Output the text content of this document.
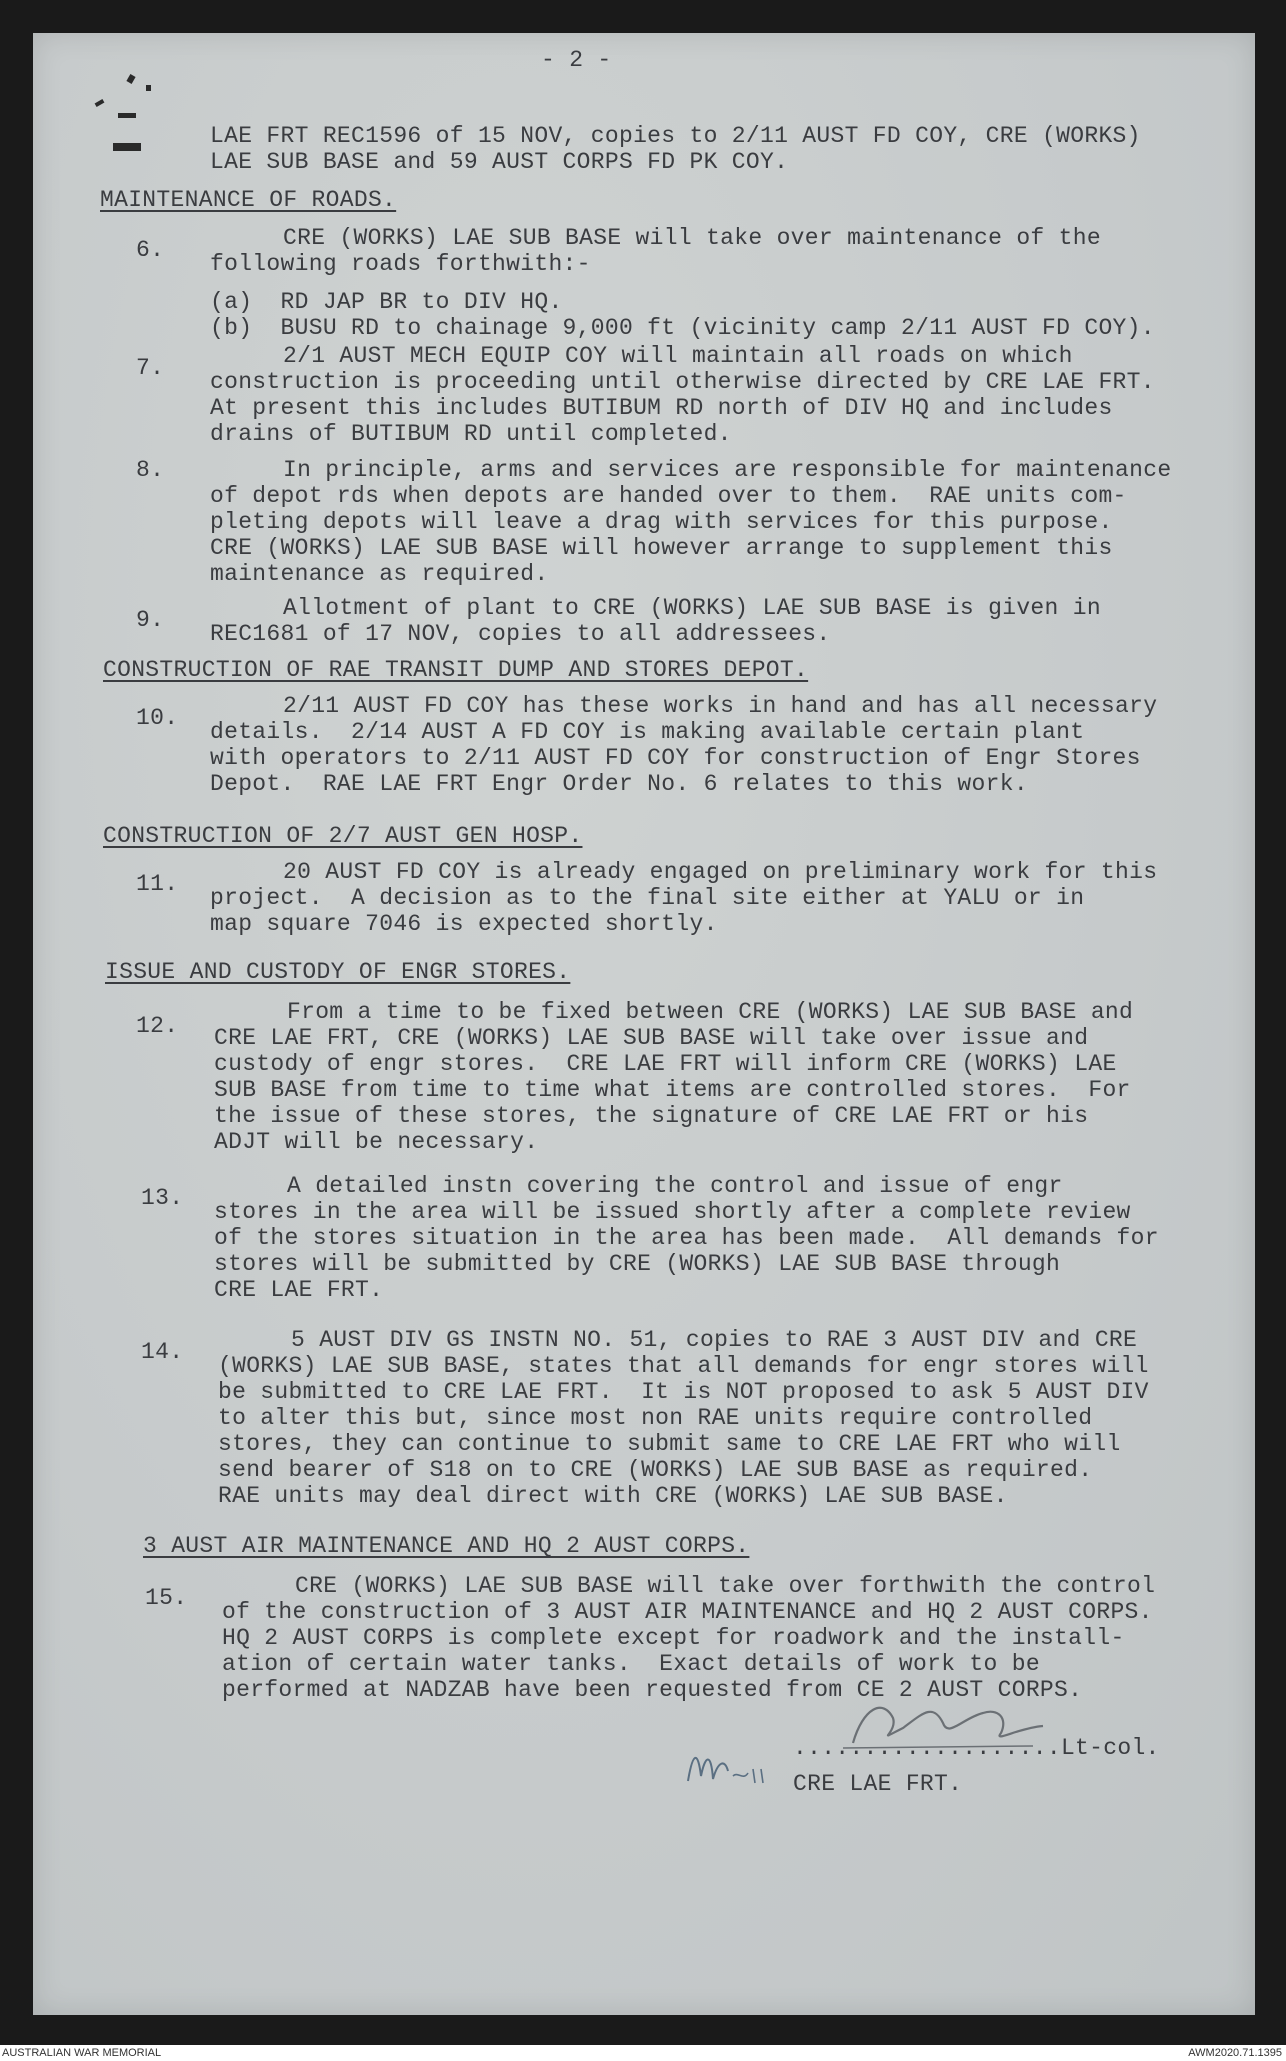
- 2 -

LAE FRT REC1596 of 15 NOV, copies to 2/11 AUST FD COY, CRE (WORKS)

LAE SUB BASE and 59 AUST CORPS FD PK COY.

MAINTENANCE OF ROADS.

6.	CRE (WORKS) LAE SUB BASE will take over maintenance of the

following roads forthwith:-

(a)  RD JAP BR to DIV HQ.

(b)  BUSU RD to chainage 9,000 ft (vicinity camp 2/11 AUST FD COY).

7.	2/1 AUST MECH EQUIP COY will maintain all roads on which

construction is proceeding until otherwise directed by CRE LAE FRT.

At present this includes BUTIBUM RD north of DIV HQ and includes

drains of BUTIBUM RD until completed.

8.	In principle, arms and services are responsible for maintenance

of depot rds when depots are handed over to them.  RAE units com-

pleting depots will leave a drag with services for this purpose.

CRE (WORKS) LAE SUB BASE will however arrange to supplement this

maintenance as required.

9.	Allotment of plant to CRE (WORKS) LAE SUB BASE is given in

REC1681 of 17 NOV, copies to all addressees.

CONSTRUCTION OF RAE TRANSIT DUMP AND STORES DEPOT.

10.	2/11 AUST FD COY has these works in hand and has all necessary

details.  2/14 AUST A FD COY is making available certain plant

with operators to 2/11 AUST FD COY for construction of Engr Stores

Depot.  RAE LAE FRT Engr Order No. 6 relates to this work.

CONSTRUCTION OF 2/7 AUST GEN HOSP.

11.	20 AUST FD COY is already engaged on preliminary work for this

project.  A decision as to the final site either at YALU or in

map square 7046 is expected shortly.

ISSUE AND CUSTODY OF ENGR STORES.

12.

From a time to be fixed between CRE (WORKS) LAE SUB BASE and

CRE LAE FRT, CRE (WORKS) LAE SUB BASE will take over issue and

custody of engr stores.  CRE LAE FRT will inform CRE (WORKS) LAE

SUB BASE from time to time what items are controlled stores.  For

the issue of these stores, the signature of CRE LAE FRT or his

ADJT will be necessary.

13.	A detailed instn covering the control and issue of engr

stores in the area will be issued shortly after a complete review

of the stores situation in the area has been made.  All demands for

stores will be submitted by CRE (WORKS) LAE SUB BASE through

CRE LAE FRT.

14.	5 AUST DIV GS INSTN NO. 51, copies to RAE 3 AUST DIV and CRE

(WORKS) LAE SUB BASE, states that all demands for engr stores will

be submitted to CRE LAE FRT.  It is NOT proposed to ask 5 AUST DIV

to alter this but, since most non RAE units require controlled

stores, they can continue to submit same to CRE LAE FRT who will

send bearer of S18 on to CRE (WORKS) LAE SUB BASE as required.

RAE units may deal direct with CRE (WORKS) LAE SUB BASE.

3 AUST AIR MAINTENANCE AND HQ 2 AUST CORPS.

15.	CRE (WORKS) LAE SUB BASE will take over forthwith the control

of the construction of 3 AUST AIR MAINTENANCE and HQ 2 AUST CORPS.

HQ 2 AUST CORPS is complete except for roadwork and the install-

ation of certain water tanks.  Exact details of work to be

performed at NADZAB have been requested from CE 2 AUST CORPS.

...................Lt-col.

CRE LAE FRT.

AUSTRALIAN WAR MEMORIAL	AWM2020.71.1395
